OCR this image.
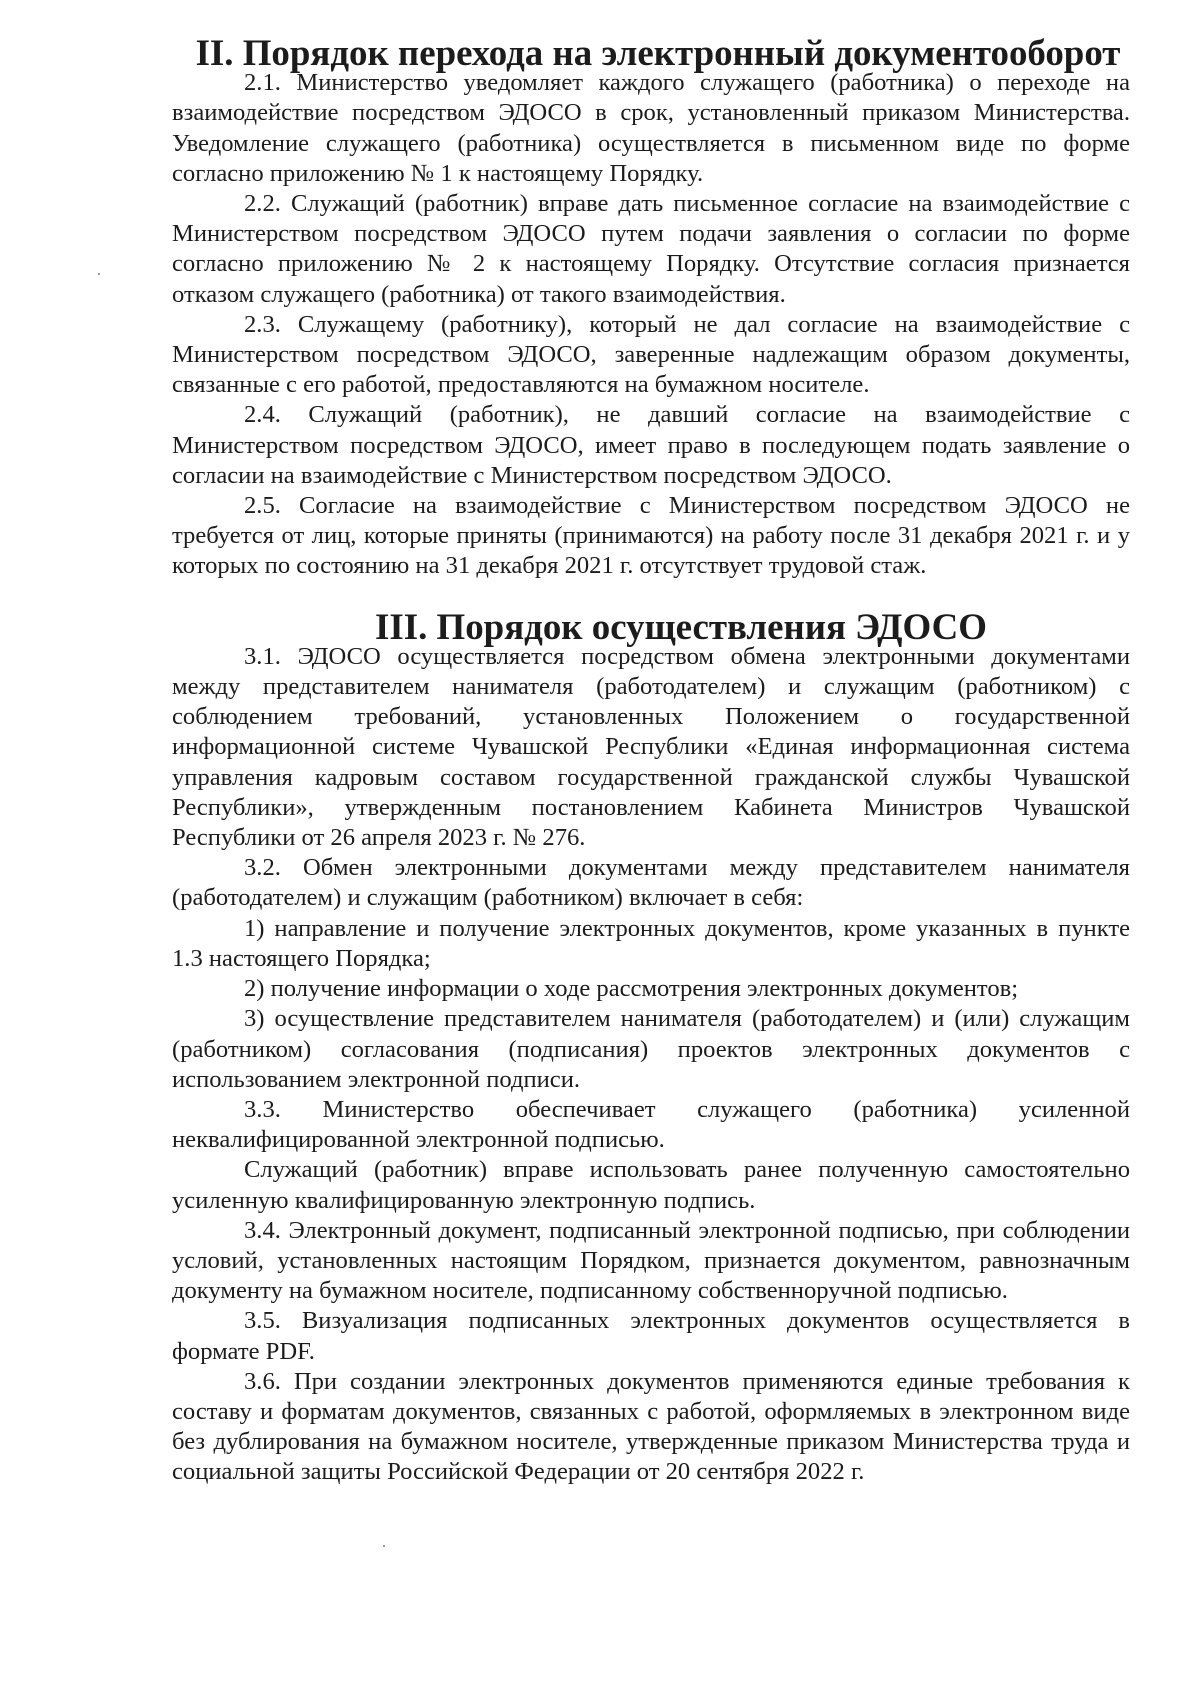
II. Порядок перехода на электронный документооборот

2.1. Министерство уведомляет каждого служащего (работника) о переходе на взаимодействие посредством ЭДОСО в срок, установленный приказом Министерства. Уведомление служащего (работника) осуществляется в письменном виде по форме согласно приложению № 1 к настоящему Порядку.

2.2. Служащий (работник) вправе дать письменное согласие на взаимодействие с Министерством посредством ЭДОСО путем подачи заявления о согласии по форме согласно приложению № 2 к настоящему Порядку. Отсутствие согласия признается отказом служащего (работника) от такого взаимодействия.

2.3. Служащему (работнику), который не дал согласие на взаимодействие с Министерством посредством ЭДОСО, заверенные надлежащим образом документы, связанные с его работой, предоставляются на бумажном носителе.

2.4. Служащий (работник), не давший согласие на взаимодействие с Министерством посредством ЭДОСО, имеет право в последующем подать заявление о согласии на взаимодействие с Министерством посредством ЭДОСО.

2.5. Согласие на взаимодействие с Министерством посредством ЭДОСО не требуется от лиц, которые приняты (принимаются) на работу после 31 декабря 2021 г. и у которых по состоянию на 31 декабря 2021 г. отсутствует трудовой стаж.

III. Порядок осуществления ЭДОСО

3.1. ЭДОСО осуществляется посредством обмена электронными документами между представителем нанимателя (работодателем) и служащим (работником) с соблюдением требований, установленных Положением о государственной информационной системе Чувашской Республики «Единая информационная система управления кадровым составом государственной гражданской службы Чувашской Республики», утвержденным постановлением Кабинета Министров Чувашской Республики от 26 апреля 2023 г. № 276.

3.2. Обмен электронными документами между представителем нанимателя (работодателем) и служащим (работником) включает в себя:

1) направление и получение электронных документов, кроме указанных в пункте 1.3 настоящего Порядка;

2) получение информации о ходе рассмотрения электронных документов;

3) осуществление представителем нанимателя (работодателем) и (или) служащим (работником) согласования (подписания) проектов электронных документов с использованием электронной подписи.

3.3. Министерство обеспечивает служащего (работника) усиленной неквалифицированной электронной подписью.

Служащий (работник) вправе использовать ранее полученную самостоятельно усиленную квалифицированную электронную подпись.

3.4. Электронный документ, подписанный электронной подписью, при соблюдении условий, установленных настоящим Порядком, признается документом, равнозначным документу на бумажном носителе, подписанному собственноручной подписью.

3.5. Визуализация подписанных электронных документов осуществляется в формате PDF.

3.6. При создании электронных документов применяются единые требования к составу и форматам документов, связанных с работой, оформляемых в электронном виде без дублирования на бумажном носителе, утвержденные приказом Министерства труда и социальной защиты Российской Федерации от 20 сентября 2022 г.
